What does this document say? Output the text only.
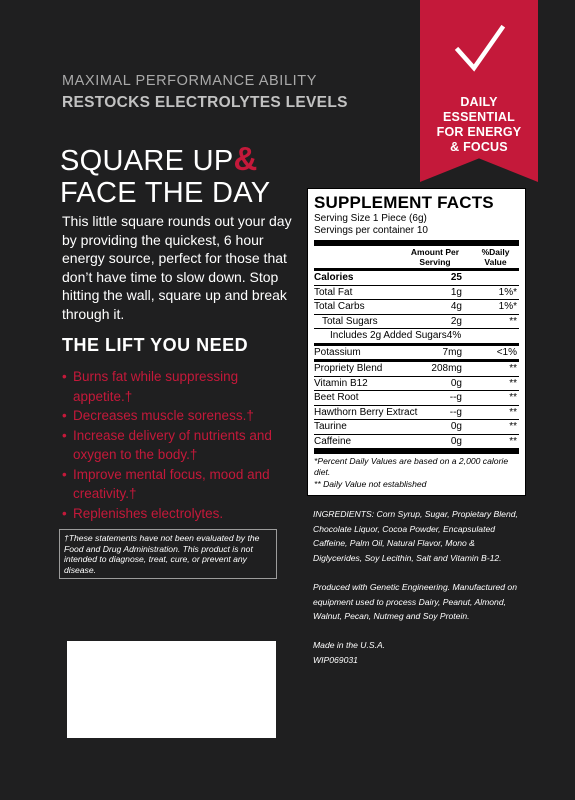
MAXIMAL PERFORMANCE ABILITY
RESTOCKS ELECTROLYTES LEVELS	DAILY
ESSENTIAL
FOR ENERGY
& FOCUS
SQUARE UP&
FACE THE DAY
This little square rounds out your day by providing the quickest, 6 hour energy source, perfect for those that don’t have time to slow down. Stop hitting the wall, square up and break through it.
THE LIFT YOU NEED
• Burns fat while suppressing appetite.†
• Decreases muscle soreness.†
• Increase delivery of nutrients and oxygen to the body.†
• Improve mental focus, mood and creativity.†
• Replenishes electrolytes.
†These statements have not been evaluated by the Food and Drug Administration. This product is not intended to diagnose, treat, cure, or prevent any disease.
SUPPLEMENT FACTS
Serving Size 1 Piece (6g)
Servings per container 10
Amount Per Serving
%Daily Value
Calories	25
Total Fat	1g	1%*
Total Carbs	4g	1%*
Total Sugars	2g	**
Includes 2g Added Sugars4%
Potassium	7mg	<1%
Propriety Blend	208mg	**
Vitamin B12	0g	**
Beet Root	--g	**
Hawthorn Berry Extract	--g	**
Taurine	0g	**
Caffeine	0g	**

*Percent Daily Values are based on a 2,000 calorie diet.

** Daily Value not established

INGREDIENTS: Corn Syrup, Sugar, Propietary Blend, Chocolate Liquor, Cocoa Powder, Encapsulated Caffeine, Palm Oil, Natural Flavor, Mono & Diglycerides, Soy Lecithin, Salt and Vitamin B-12.

Produced with Genetic Engineering. Manufactured on equipment used to process Dairy, Peanut, Almond, Walnut, Pecan, Nutmeg and Soy Protein.

Made in the U.S.A.
WIP069031
